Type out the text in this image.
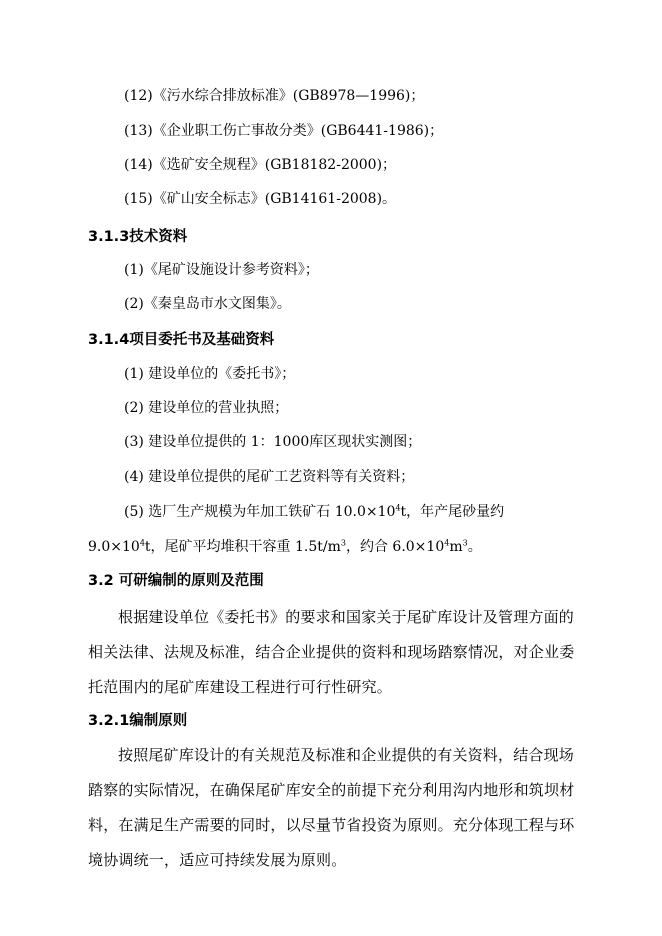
(12)《污水综合排放标准》(GB8978—1996)；
(13)《企业职工伤亡事故分类》(GB6441-1986)；
(14)《选矿安全规程》(GB18182-2000)；
(15)《矿山安全标志》(GB14161-2008)。
3.1.3技术资料
(1)《尾矿设施设计参考资料》；
(2)《秦皇岛市水文图集》。
3.1.4项目委托书及基础资料
(1) 建设单位的《委托书》；
(2) 建设单位的营业执照；
(3) 建设单位提供的 1：1000库区现状实测图；
(4) 建设单位提供的尾矿工艺资料等有关资料；
(5) 选厂生产规模为年加工铁矿石 $10.0\times 10^4t$，年产尾砂量约
$9.0\times 10^4t$，尾矿平均堆积干容重 $1.5t/m^3$，约合 $6.0\times 10^4m^3$。
3.2 可研编制的原则及范围
根据建设单位《委托书》的要求和国家关于尾矿库设计及管理方面的
相关法律、法规及标准，结合企业提供的资料和现场踏察情况，对企业委
托范围内的尾矿库建设工程进行可行性研究。
3.2.1编制原则
按照尾矿库设计的有关规范及标准和企业提供的有关资料，结合现场
踏察的实际情况，在确保尾矿库安全的前提下充分利用沟内地形和筑坝材
料，在满足生产需要的同时，以尽量节省投资为原则。充分体现工程与环
境协调统一，适应可持续发展为原则。
